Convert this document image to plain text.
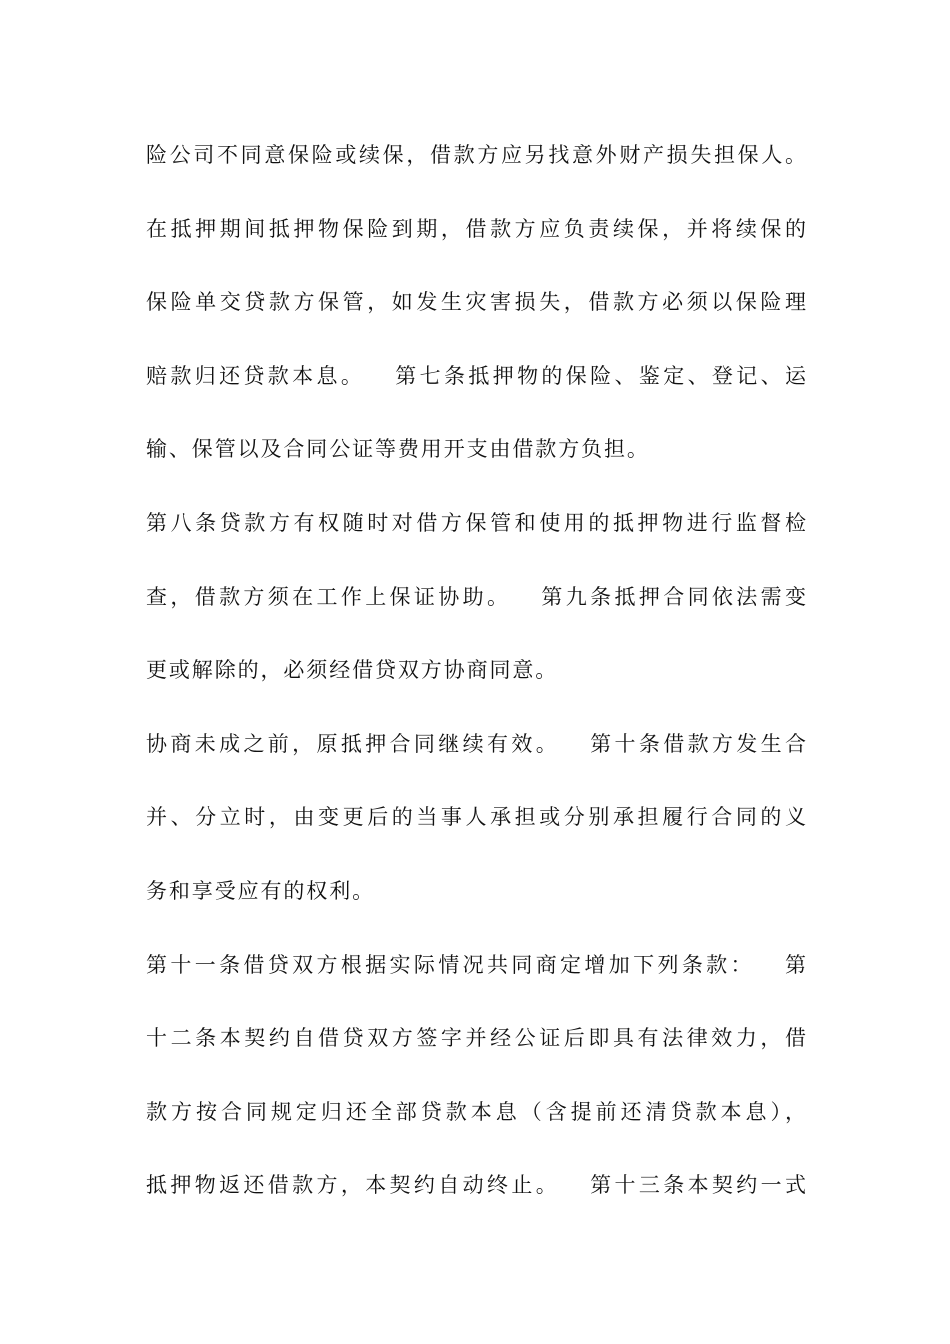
险公司不同意保险或续保，借款方应另找意外财产损失担保人。
在抵押期间抵押物保险到期，借款方应负责续保，并将续保的
保险单交贷款方保管，如发生灾害损失，借款方必须以保险理
赔款归还贷款本息。   第七条抵押物的保险、鉴定、登记、运
输、保管以及合同公证等费用开支由借款方负担。
第八条贷款方有权随时对借方保管和使用的抵押物进行监督检
查，借款方须在工作上保证协助。   第九条抵押合同依法需变
更或解除的，必须经借贷双方协商同意。
协商未成之前，原抵押合同继续有效。   第十条借款方发生合
并、分立时，由变更后的当事人承担或分别承担履行合同的义
务和享受应有的权利。
第十一条借贷双方根据实际情况共同商定增加下列条款：   第
十二条本契约自借贷双方签字并经公证后即具有法律效力，借
款方按合同规定归还全部贷款本息（含提前还清贷款本息），
抵押物返还借款方，本契约自动终止。   第十三条本契约一式
